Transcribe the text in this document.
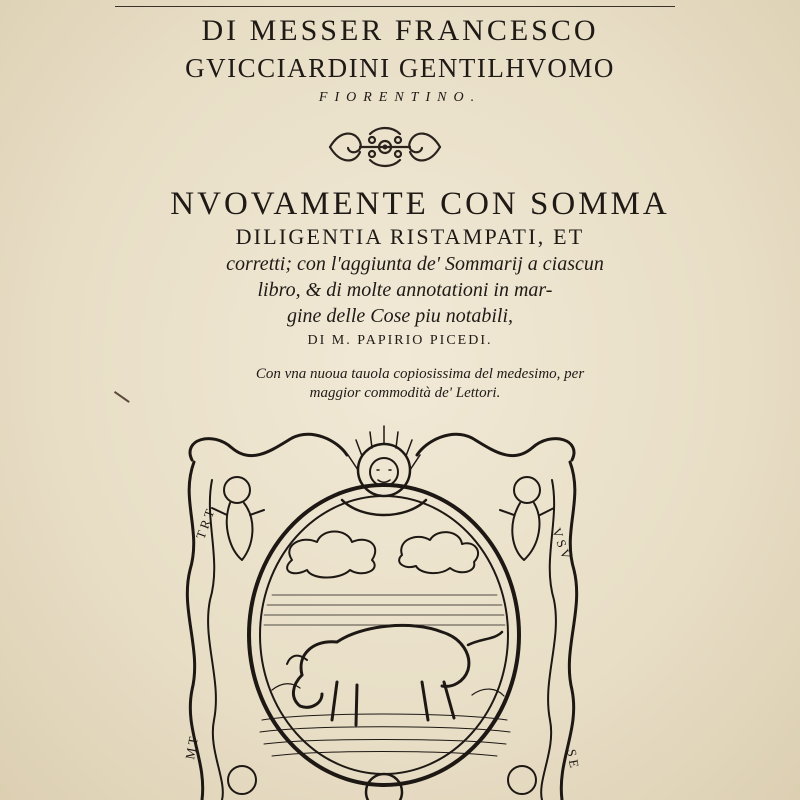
DI MESSER FRANCESCO
GVICCIARDINI GENTILHVOMO
FIORENTINO.
NVOVAMENTE CON SOMMA
DILIGENTIA RISTAMPATI, ET
corretti; con l'aggiunta de' Sommarij a ciascun
libro, & di molte annotationi in mar-
gine delle Cose piu notabili,
DI M. PAPIRIO PICEDI.
Con vna nuoua tauola copiosissima del medesimo, per
maggior commodità de' Lettori.
T R T
V S V
M T	S E
